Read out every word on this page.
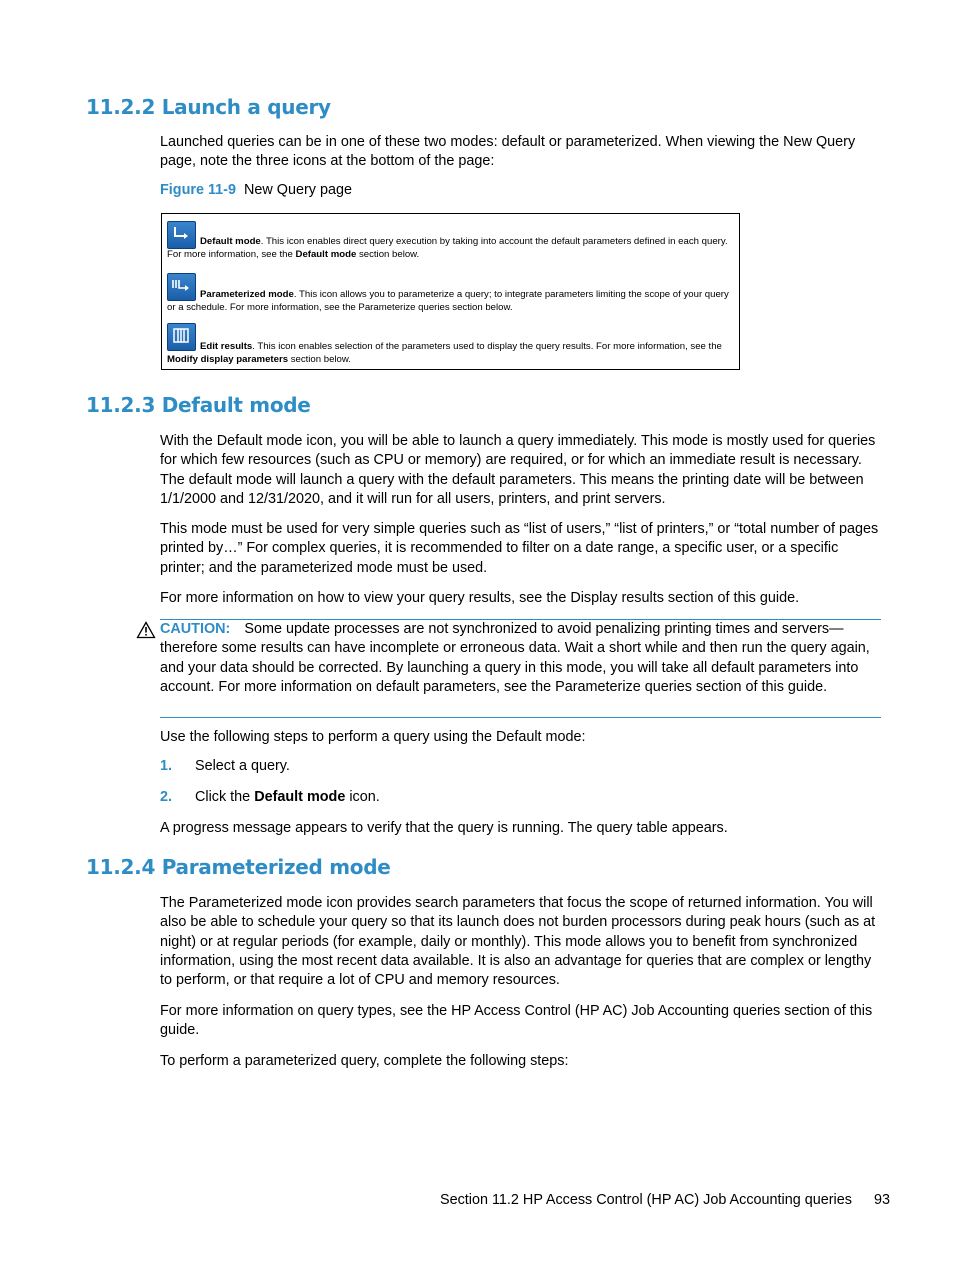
11.2.2 Launch a query

Launched queries can be in one of these two modes: default or parameterized. When viewing the New Query page, note the three icons at the bottom of the page:

Figure 11-9 New Query page
Default mode. This icon enables direct query execution by taking into account the default parameters defined in each query. For more information, see the Default mode section below.
Parameterized mode. This icon allows you to parameterize a query; to integrate parameters limiting the scope of your query or a schedule. For more information, see the Parameterize queries section below.
Edit results. This icon enables selection of the parameters used to display the query results. For more information, see the Modify display parameters section below.
11.2.3 Default mode

With the Default mode icon, you will be able to launch a query immediately. This mode is mostly used for queries for which few resources (such as CPU or memory) are required, or for which an immediate result is necessary. The default mode will launch a query with the default parameters. This means the printing date will be between 1/1/2000 and 12/31/2020, and it will run for all users, printers, and print servers.

This mode must be used for very simple queries such as “list of users,” “list of printers,” or “total number of pages printed by…” For complex queries, it is recommended to filter on a date range, a specific user, or a specific printer; and the parameterized mode must be used.

For more information on how to view your query results, see the Display results section of this guide.

CAUTION: Some update processes are not synchronized to avoid penalizing printing times and servers—therefore some results can have incomplete or erroneous data. Wait a short while and then run the query again, and your data should be corrected. By launching a query in this mode, you will take all default parameters into account. For more information on default parameters, see the Parameterize queries section of this guide.

Use the following steps to perform a query using the Default mode:

1. Select a query.
2. Click the Default mode icon.

A progress message appears to verify that the query is running. The query table appears.

11.2.4 Parameterized mode

The Parameterized mode icon provides search parameters that focus the scope of returned information. You will also be able to schedule your query so that its launch does not burden processors during peak hours (such as at night) or at regular periods (for example, daily or monthly). This mode allows you to benefit from synchronized information, using the most recent data available. It is also an advantage for queries that are complex or lengthy to perform, or that require a lot of CPU and memory resources.

For more information on query types, see the HP Access Control (HP AC) Job Accounting queries section of this guide.

To perform a parameterized query, complete the following steps:

Section 11.2 HP Access Control (HP AC) Job Accounting queries 93
